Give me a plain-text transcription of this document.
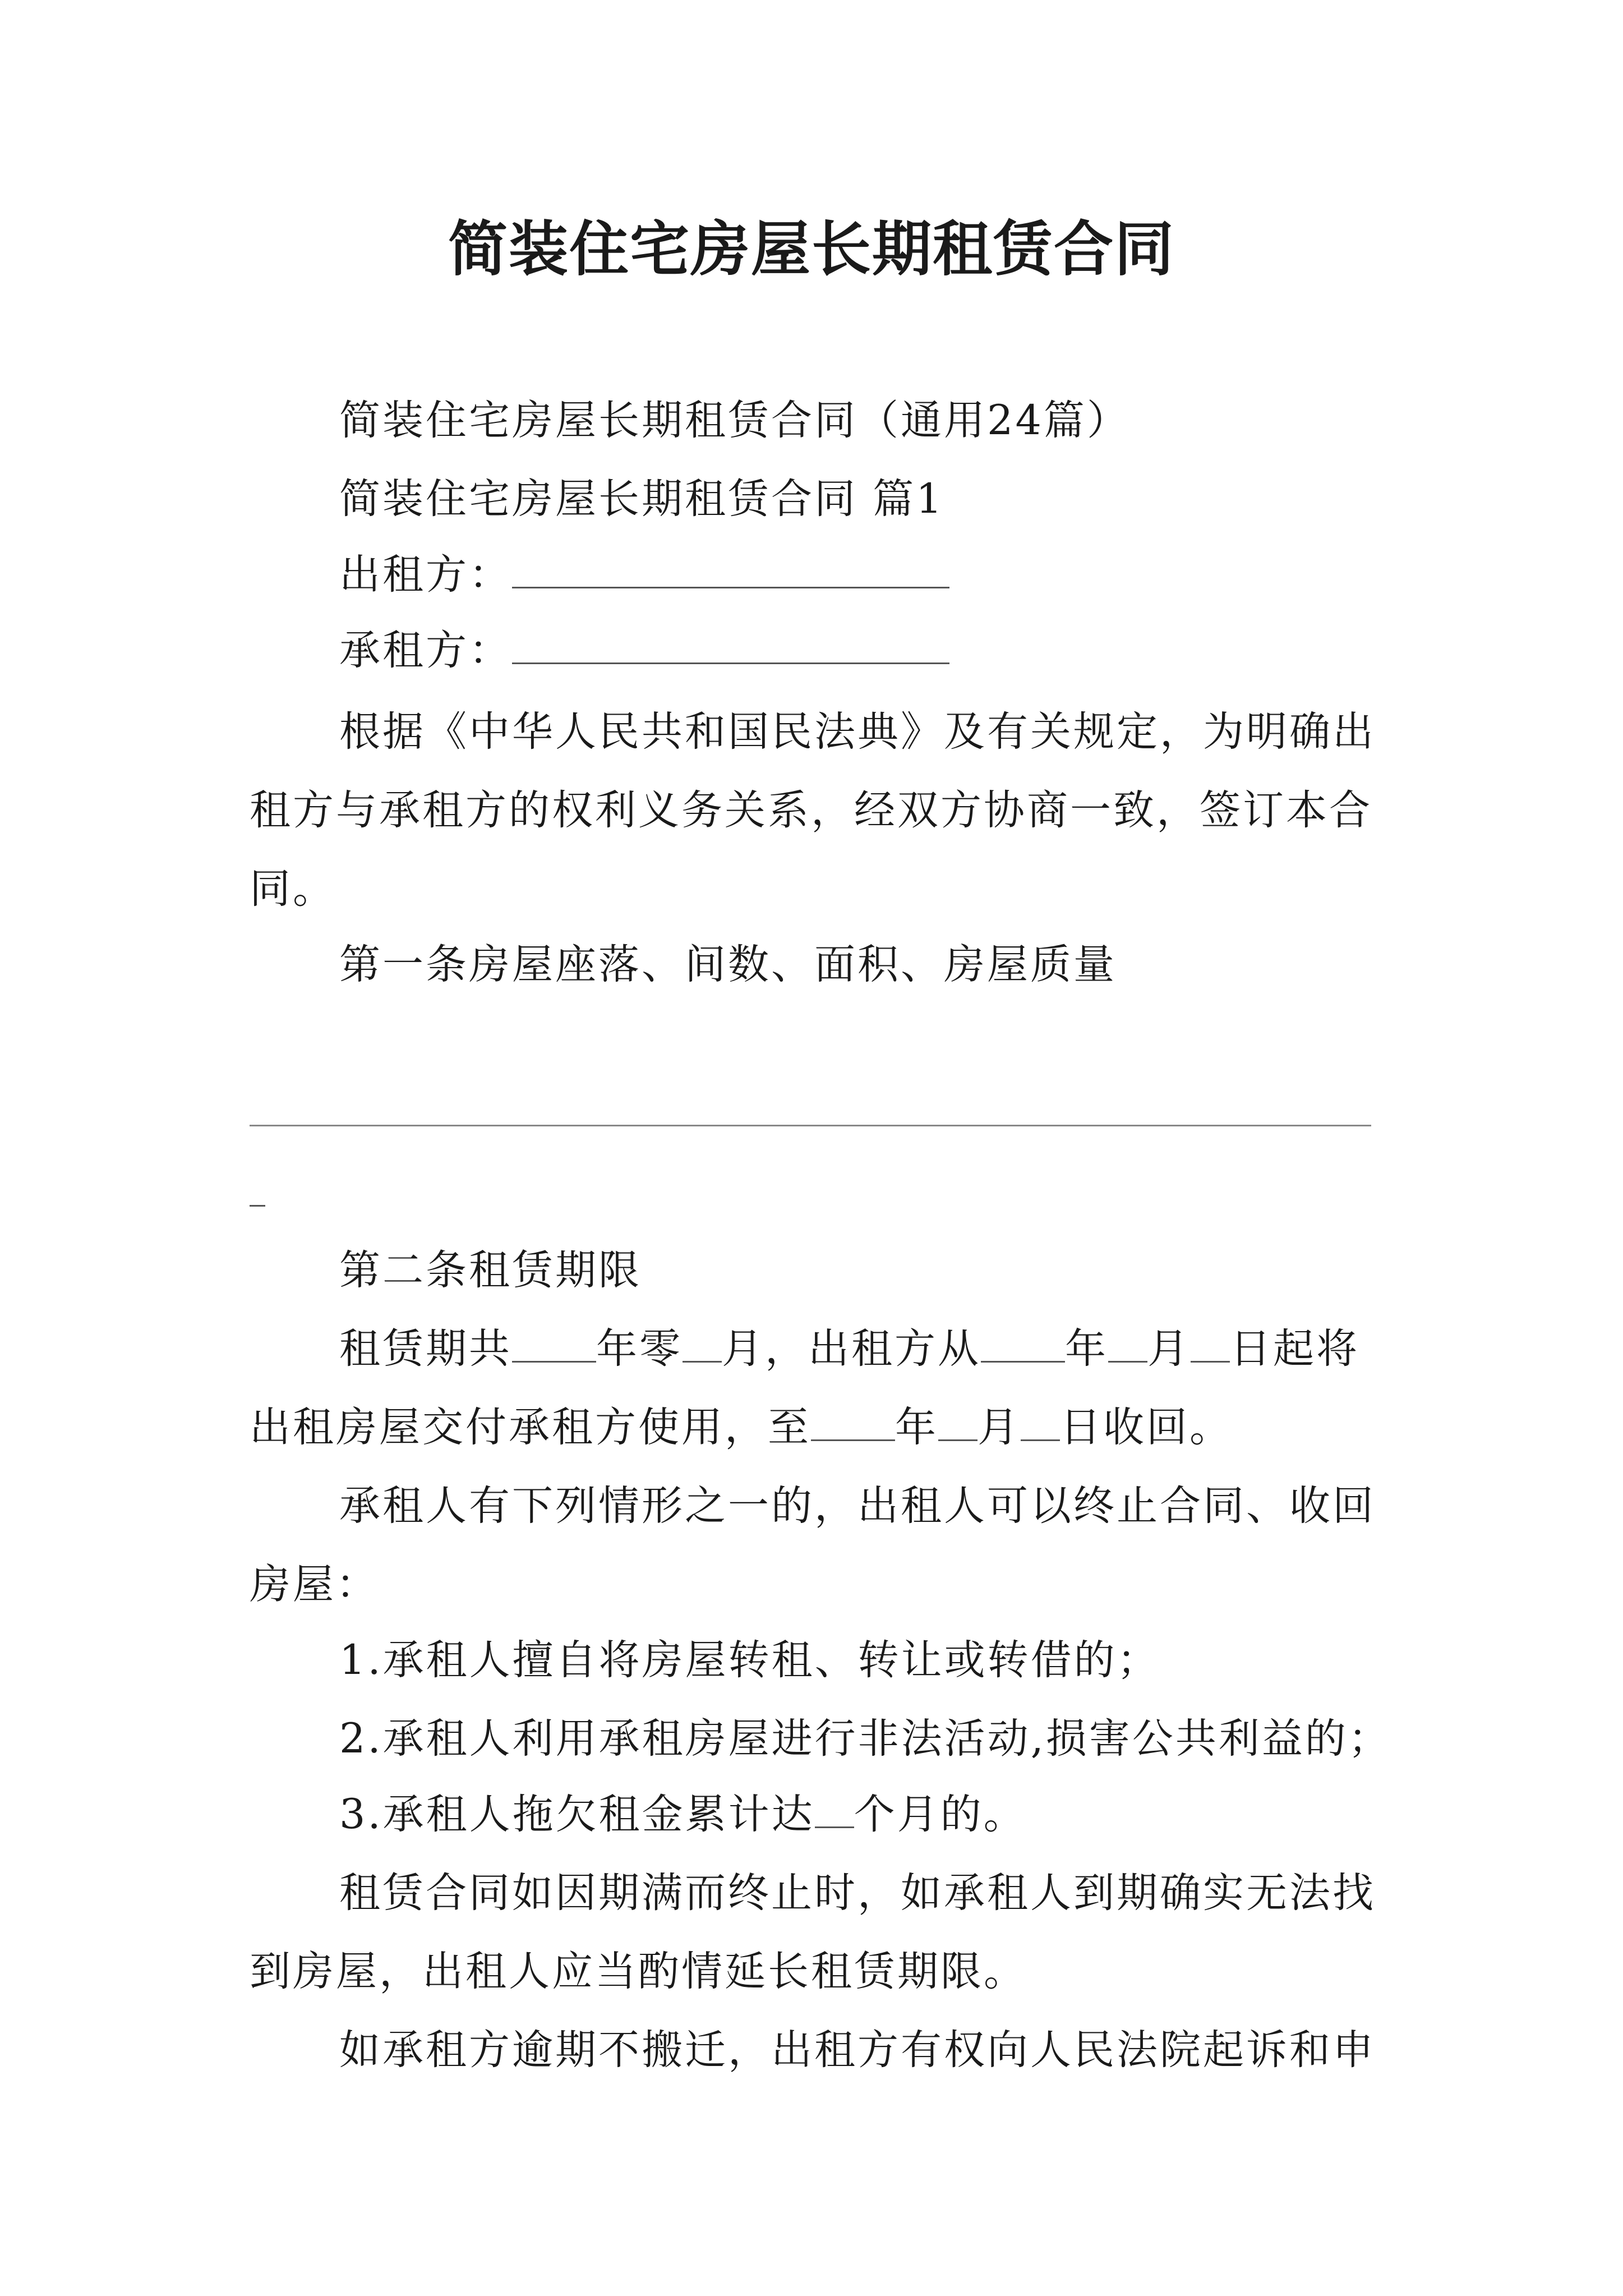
简装住宅房屋长期租赁合同
简装住宅房屋长期租赁合同（通用24篇）
简装住宅房屋长期租赁合同 篇1
出租方：
承租方：
根据《中华人民共和国民法典》及有关规定，为明确出
租方与承租方的权利义务关系，经双方协商一致，签订本合
同。
第一条房屋座落、间数、面积、房屋质量
第二条租赁期限
租赁期共 年零 月，出租方从 年 月 日起将
出租房屋交付承租方使用，至 年 月 日收回。
承租人有下列情形之一的，出租人可以终止合同、收回
房屋：
1.承租人擅自将房屋转租、转让或转借的；
2.承租人利用承租房屋进行非法活动,损害公共利益的；
3.承租人拖欠租金累计达 个月的。
租赁合同如因期满而终止时，如承租人到期确实无法找
到房屋，出租人应当酌情延长租赁期限。
如承租方逾期不搬迁，出租方有权向人民法院起诉和申
